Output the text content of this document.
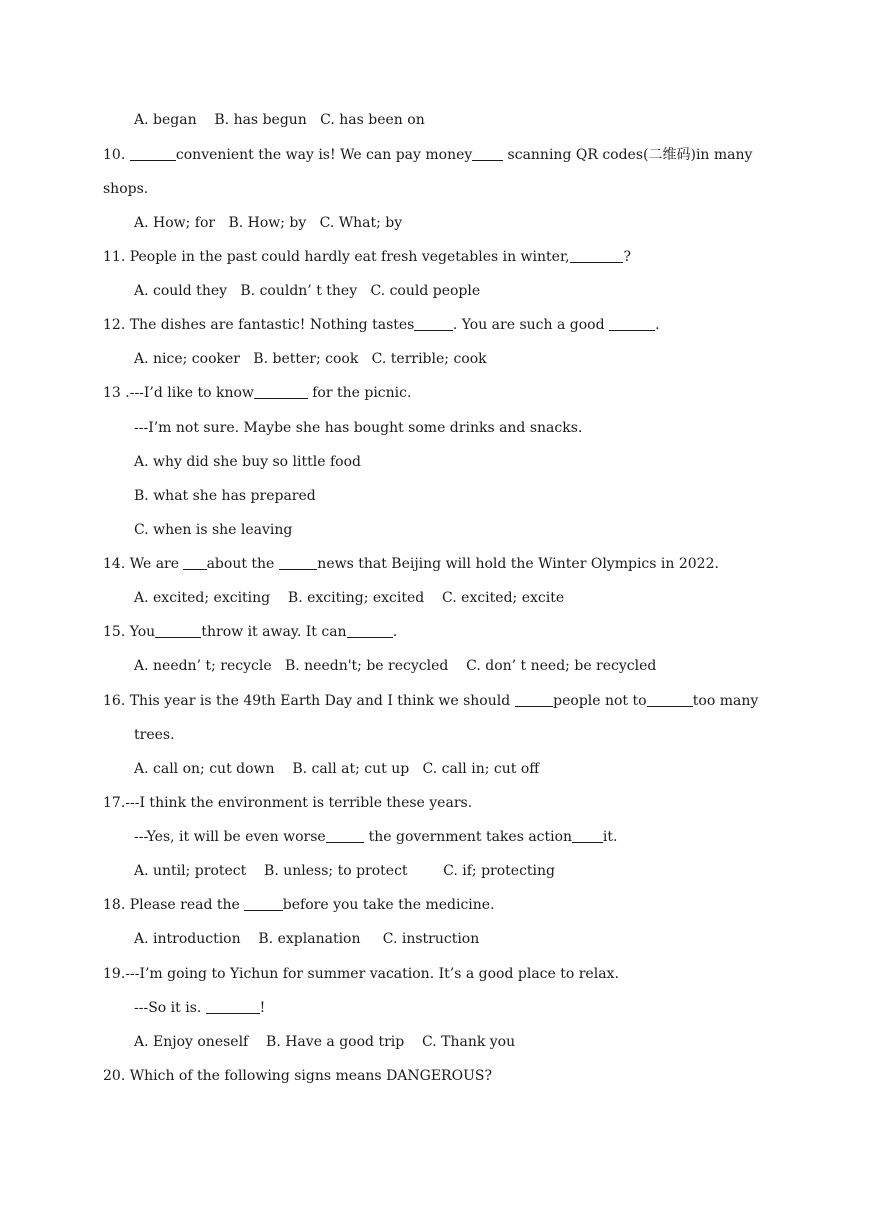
A. began    B. has begun   C. has been on
10.	convenient the way is! We can pay money scanning QR codes(二维码)in many
shops.
A. How; for   B. How; by   C. What; by
11. People in the past could hardly eat fresh vegetables in winter,	?
A. could they   B. couldn’ t they   C. could people
12. The dishes are fantastic! Nothing tastes	. You are such a good	.
A. nice; cooker   B. better; cook   C. terrible; cook
13 .---I’d like to know	for the picnic.
---I’m not sure. Maybe she has bought some drinks and snacks.
A. why did she buy so little food
B. what she has prepared
C. when is she leaving
14. We are about the	news that Beijing will hold the Winter Olympics in 2022.
A. excited; exciting    B. exciting; excited    C. excited; excite
15. You	throw it away. It can	.
A. needn’ t; recycle   B. needn't; be recycled    C. don’ t need; be recycled
16. This year is the 49th Earth Day and I think we should	people not to	too many
trees.
A. call on; cut down    B. call at; cut up   C. call in; cut off
17.---I think the environment is terrible these years.
---Yes, it will be even worse	the government takes action it.
A. until; protect    B. unless; to protect        C. if; protecting
18. Please read the	before you take the medicine.
A. introduction    B. explanation     C. instruction
19.---I’m going to Yichun for summer vacation. It’s a good place to relax.
---So it is.	!
A. Enjoy oneself    B. Have a good trip    C. Thank you
20. Which of the following signs means DANGEROUS?
